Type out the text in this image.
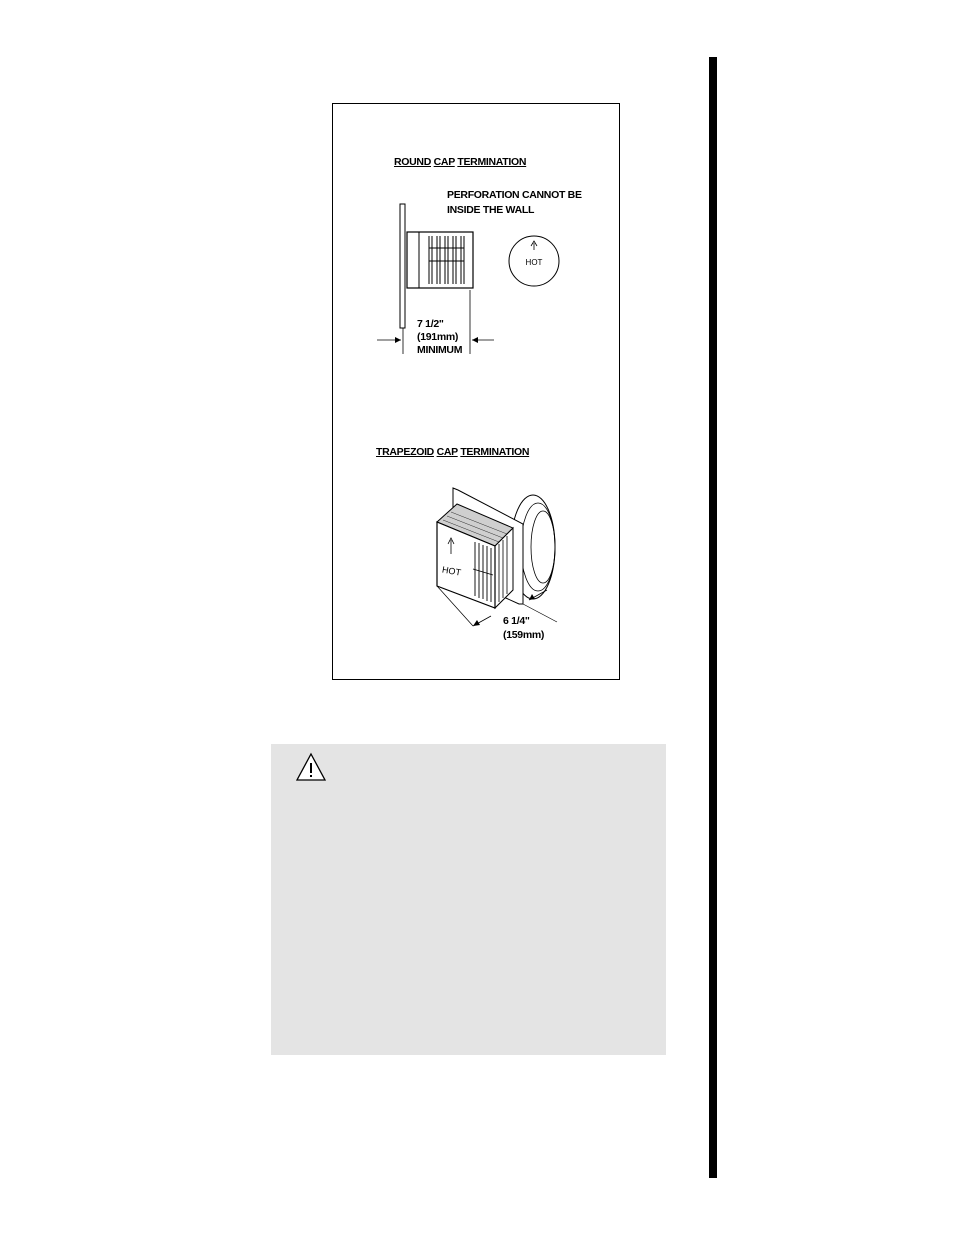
ROUND CAP TERMINATION
PERFORATION CANNOT BE
INSIDE THE WALL
HOT
7 1/2"
(191mm)
MINIMUM
TRAPEZOID CAP TERMINATION
HOT
6 1/4"
(159mm)
